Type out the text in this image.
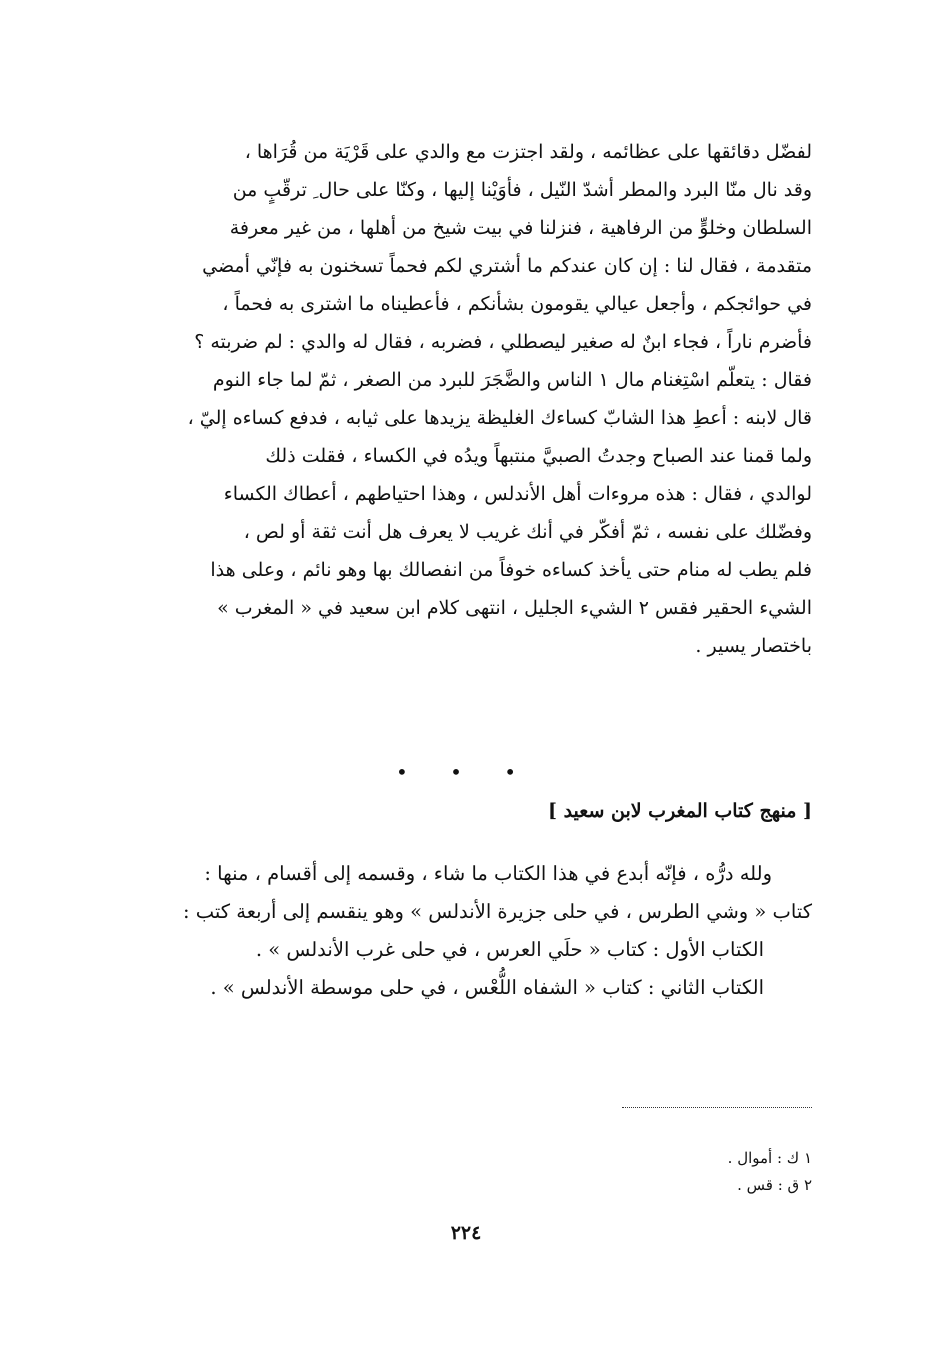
لفضّل دقائقها على عظائمه ، ولقد اجتزت مع والدي على قَرْيَة من قُرَاها ،
وقد نال منّا البرد والمطر أشدّ النّيل ، فأوَيْنا إليها ، وكنّا على حال ِ ترقّبٍ من
السلطان وخلوٍّ من الرفاهية ، فنزلنا في بيت شيخ من أهلها ، من غير معرفة
متقدمة ، فقال لنا : إن كان عندكم ما أشتري لكم فحماً تسخنون به فإنّي أمضي
في حوائجكم ، وأجعل عيالي يقومون بشأنكم ، فأعطيناه ما اشترى به فحماً ،
فأضرم ناراً ، فجاء ابنٌ له صغير ليصطلي ، فضربه ، فقال له والدي : لم ضربته ؟
فقال : يتعلّم اسْتِغنام مال ١ الناس والضَّجَرَ للبرد من الصغر ، ثمّ لما جاء النوم
قال لابنه : أعطِ هذا الشابّ كساءك الغليظة يزيدها على ثيابه ، فدفع كساءه إليّ ،
ولما قمنا عند الصباح وجدتُ الصبيَّ منتبهاً ويدُه في الكساء ، فقلت ذلك
لوالدي ، فقال : هذه مروءات أهل الأندلس ، وهذا احتياطهم ، أعطاك الكساء
وفضّلك على نفسه ، ثمّ أفكّر في أنك غريب لا يعرف هل أنت ثقة أو لص ،
فلم يطب له منام حتى يأخذ كساءه خوفاً من انفصالك بها وهو نائم ، وعلى هذا
الشيء الحقير فقس ٢ الشيء الجليل ، انتهى كلام ابن سعيد في « المغرب »
باختصار يسير .
• • •
[ منهج كتاب المغرب لابن سعيد ]

ولله درُّه ، فإنّه أبدع في هذا الكتاب ما شاء ، وقسمه إلى أقسام ، منها :

كتاب « وشي الطرس ، في حلى جزيرة الأندلس » وهو ينقسم إلى أربعة كتب :

الكتاب الأول : كتاب « حلَي العرس ، في حلى غرب الأندلس » .

الكتاب الثاني : كتاب « الشفاه اللُّعْس ، في حلى موسطة الأندلس » .

١ ك : أموال .
٢ ق : قس .
٢٢٤
